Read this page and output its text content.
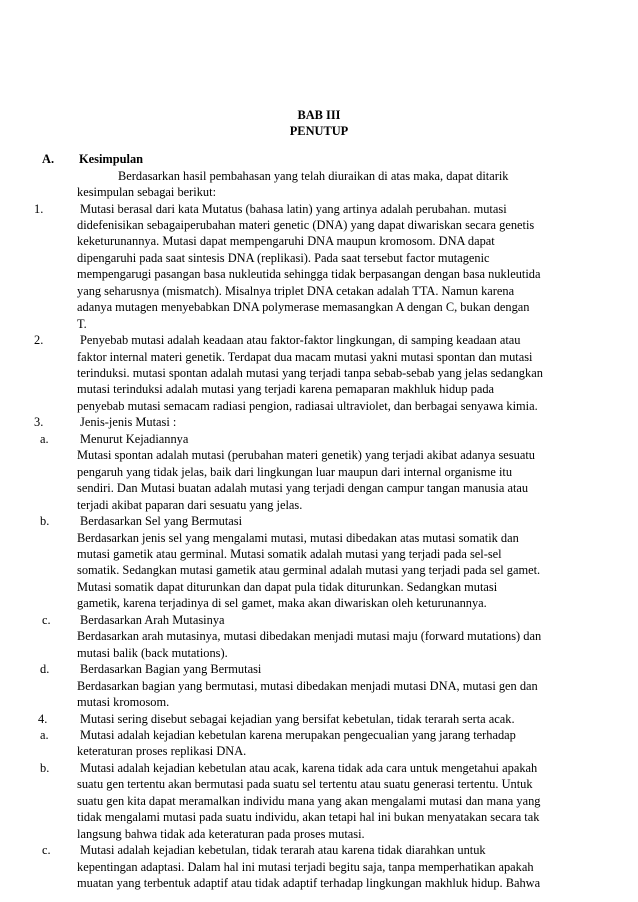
BAB III
PENUTUP
A. Kesimpulan
Berdasarkan hasil pembahasan yang telah diuraikan di atas maka, dapat ditarik
kesimpulan sebagai berikut:
1.	Mutasi berasal dari kata Mutatus (bahasa latin) yang artinya adalah perubahan. mutasi
didefenisikan sebagaiperubahan materi genetic (DNA) yang dapat diwariskan secara genetis
keketurunannya. Mutasi dapat mempengaruhi DNA maupun kromosom. DNA dapat
dipengaruhi pada saat sintesis DNA (replikasi). Pada saat tersebut factor mutagenic
mempengarugi pasangan basa nukleutida sehingga tidak berpasangan dengan basa nukleutida
yang seharusnya (mismatch). Misalnya triplet DNA cetakan adalah TTA. Namun karena
adanya mutagen menyebabkan DNA polymerase memasangkan A dengan C, bukan dengan
T.
2.	Penyebab mutasi adalah keadaan atau faktor-faktor lingkungan, di samping keadaan atau
faktor internal materi genetik. Terdapat dua macam mutasi yakni mutasi spontan dan mutasi
terinduksi. mutasi spontan adalah mutasi yang terjadi tanpa sebab-sebab yang jelas sedangkan
mutasi terinduksi adalah mutasi yang terjadi karena pemaparan makhluk hidup pada
penyebab mutasi semacam radiasi pengion, radiasai ultraviolet, dan berbagai senyawa kimia.
3.	Jenis-jenis Mutasi :
a.	Menurut Kejadiannya
Mutasi spontan adalah mutasi (perubahan materi genetik) yang terjadi akibat adanya sesuatu
pengaruh yang tidak jelas, baik dari lingkungan luar maupun dari internal organisme itu
sendiri. Dan Mutasi buatan adalah mutasi yang terjadi dengan campur tangan manusia atau
terjadi akibat paparan dari sesuatu yang jelas.
b. Berdasarkan Sel yang Bermutasi
Berdasarkan jenis sel yang mengalami mutasi, mutasi dibedakan atas mutasi somatik dan
mutasi gametik atau germinal. Mutasi somatik adalah mutasi yang terjadi pada sel-sel
somatik. Sedangkan mutasi gametik atau germinal adalah mutasi yang terjadi pada sel gamet.
Mutasi somatik dapat diturunkan dan dapat pula tidak diturunkan. Sedangkan mutasi
gametik, karena terjadinya di sel gamet, maka akan diwariskan oleh keturunannya.
c. Berdasarkan Arah Mutasinya
Berdasarkan arah mutasinya, mutasi dibedakan menjadi mutasi maju (forward mutations) dan
mutasi balik (back mutations).
d. Berdasarkan Bagian yang Bermutasi
Berdasarkan bagian yang bermutasi, mutasi dibedakan menjadi mutasi DNA, mutasi gen dan
mutasi kromosom.
4.	Mutasi sering disebut sebagai kejadian yang bersifat kebetulan, tidak terarah serta acak.
a.	Mutasi adalah kejadian kebetulan karena merupakan pengecualian yang jarang terhadap
keteraturan proses replikasi DNA.
b. Mutasi adalah kejadian kebetulan atau acak, karena tidak ada cara untuk mengetahui apakah
suatu gen tertentu akan bermutasi pada suatu sel tertentu atau suatu generasi tertentu. Untuk
suatu gen kita dapat meramalkan individu mana yang akan mengalami mutasi dan mana yang
tidak mengalami mutasi pada suatu individu, akan tetapi hal ini bukan menyatakan secara tak
langsung bahwa tidak ada keteraturan pada proses mutasi.
c. Mutasi adalah kejadian kebetulan, tidak terarah atau karena tidak diarahkan untuk
kepentingan adaptasi. Dalam hal ini mutasi terjadi begitu saja, tanpa memperhatikan apakah
muatan yang terbentuk adaptif atau tidak adaptif terhadap lingkungan makhluk hidup. Bahwa
